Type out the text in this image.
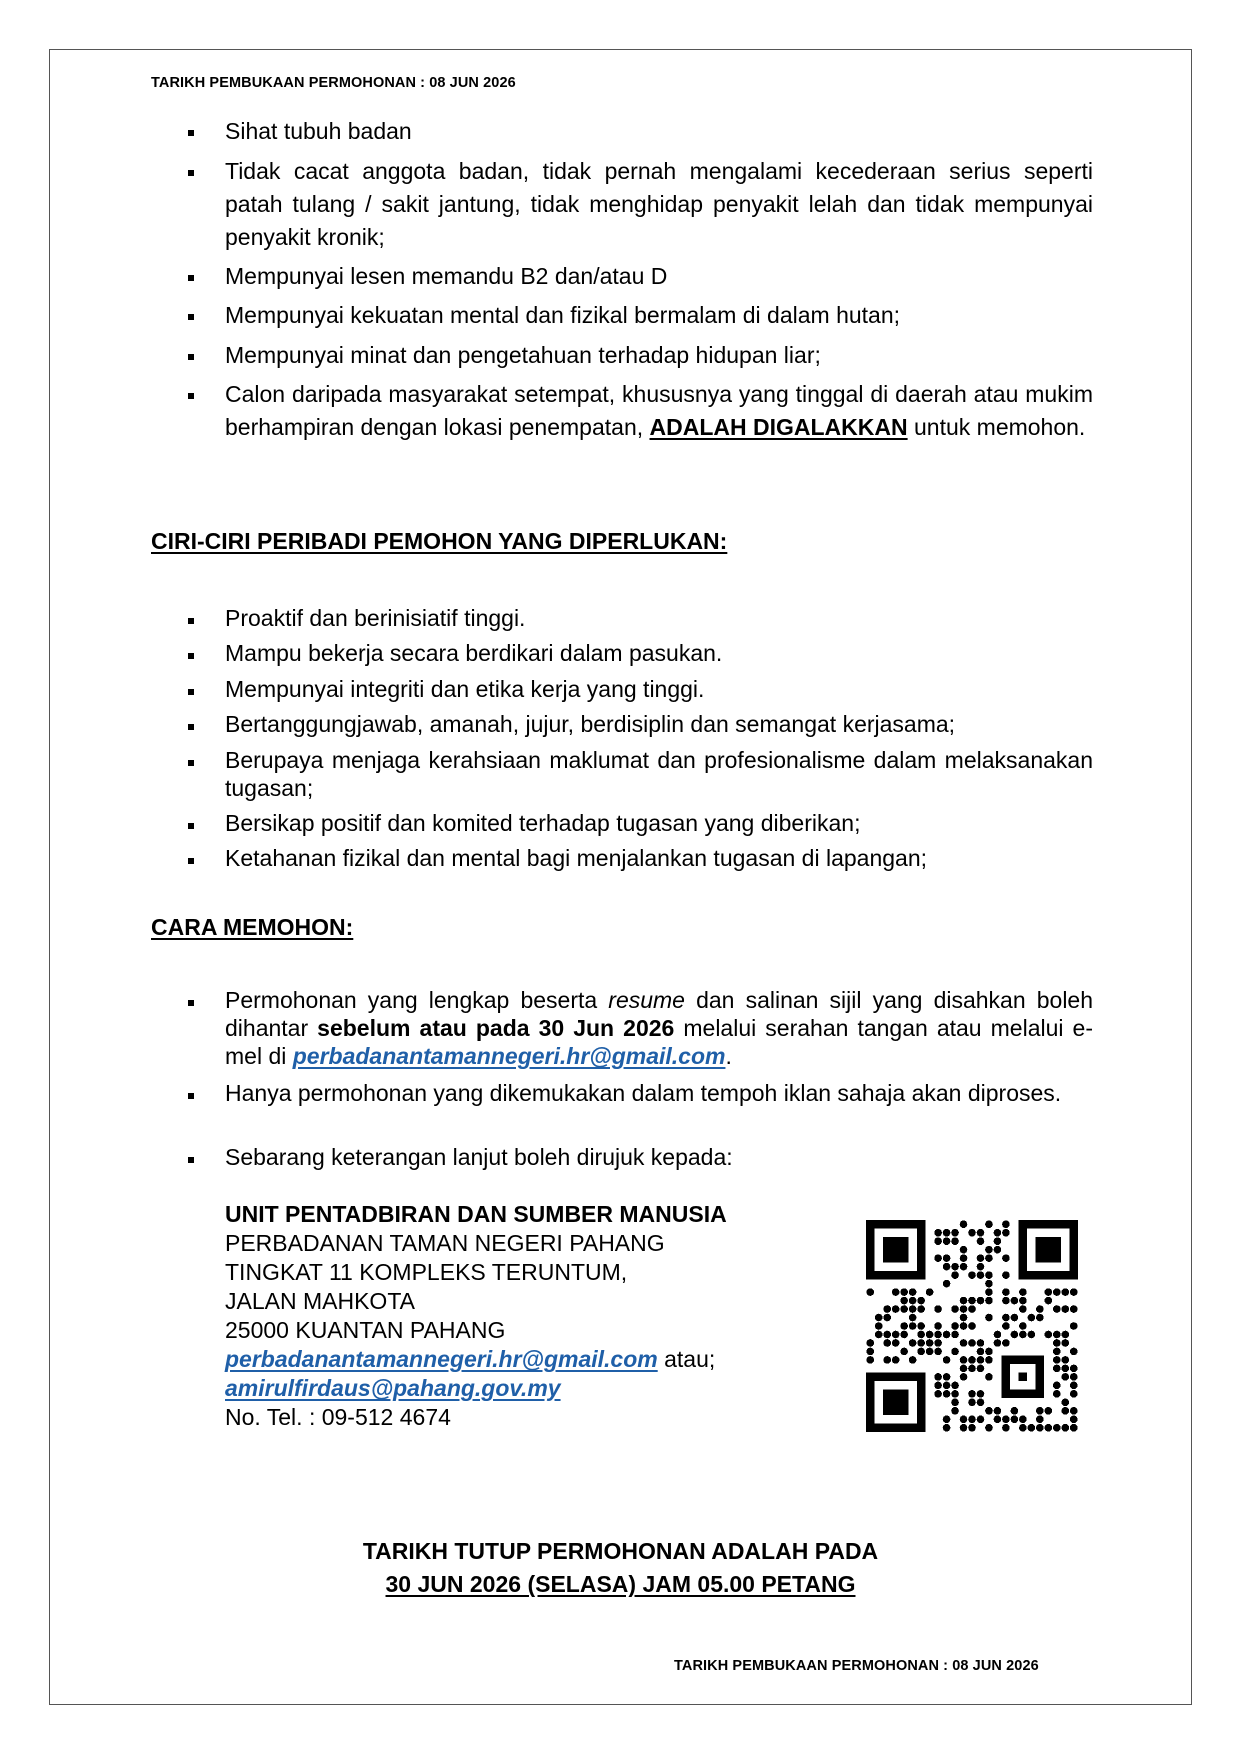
TARIKH PEMBUKAAN PERMOHONAN : 08 JUN 2026
Sihat tubuh badan
Tidak cacat anggota badan, tidak pernah mengalami kecederaan serius seperti patah tulang / sakit jantung, tidak menghidap penyakit lelah dan tidak mempunyai penyakit kronik;
Mempunyai lesen memandu B2 dan/atau D
Mempunyai kekuatan mental dan fizikal bermalam di dalam hutan;
Mempunyai minat dan pengetahuan terhadap hidupan liar;
Calon daripada masyarakat setempat, khususnya yang tinggal di daerah atau mukim berhampiran dengan lokasi penempatan, ADALAH DIGALAKKAN untuk memohon.
CIRI-CIRI PERIBADI PEMOHON YANG DIPERLUKAN:
Proaktif dan berinisiatif tinggi.
Mampu bekerja secara berdikari dalam pasukan.
Mempunyai integriti dan etika kerja yang tinggi.
Bertanggungjawab, amanah, jujur, berdisiplin dan semangat kerjasama;
Berupaya menjaga kerahsiaan maklumat dan profesionalisme dalam melaksanakan tugasan;
Bersikap positif dan komited terhadap tugasan yang diberikan;
Ketahanan fizikal dan mental bagi menjalankan tugasan di lapangan;
CARA MEMOHON:
Permohonan yang lengkap beserta resume dan salinan sijil yang disahkan boleh dihantar sebelum atau pada 30 Jun 2026 melalui serahan tangan atau melalui e-mel di perbadanantamannegeri.hr@gmail.com.
Hanya permohonan yang dikemukakan dalam tempoh iklan sahaja akan diproses.
Sebarang keterangan lanjut boleh dirujuk kepada:
UNIT PENTADBIRAN DAN SUMBER MANUSIA
PERBADANAN TAMAN NEGERI PAHANG
TINGKAT 11 KOMPLEKS TERUNTUM,
JALAN MAHKOTA
25000 KUANTAN PAHANG
perbadanantamannegeri.hr@gmail.com atau;
amirulfirdaus@pahang.gov.my
No. Tel. : 09-512 4674
TARIKH TUTUP PERMOHONAN ADALAH PADA
30 JUN 2026 (SELASA) JAM 05.00 PETANG
TARIKH PEMBUKAAN PERMOHONAN : 08 JUN 2026
